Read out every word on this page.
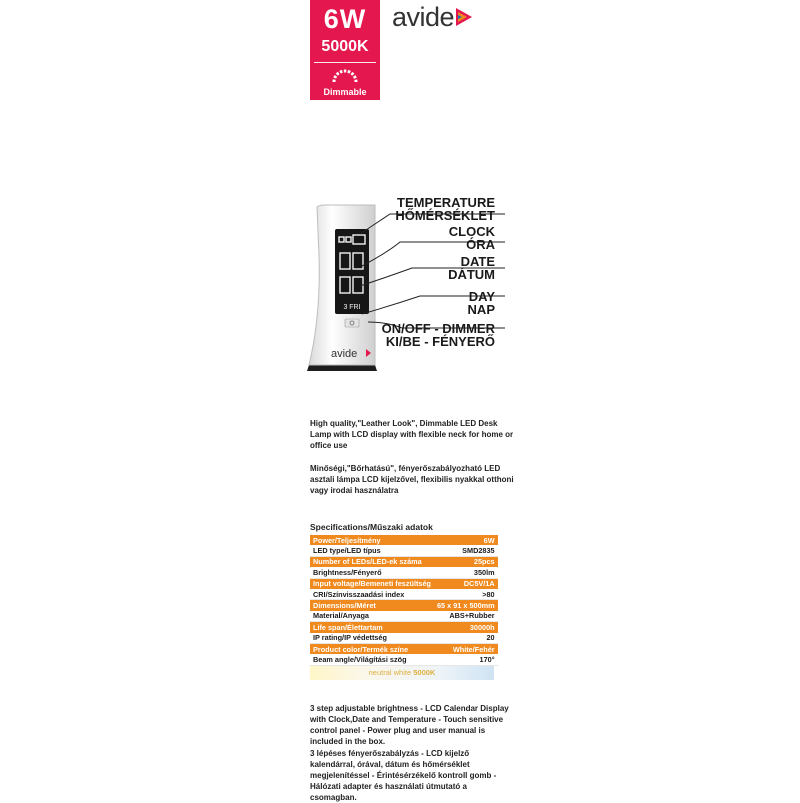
6W
5000K
Dimmable
avide
3 FRI
avide
TEMPERATURE
HŐMÉRSÉKLET
CLOCK
ÓRA
DATE
DÁTUM
DAY
NAP
ON/OFF - DIMMER
KI/BE - FÉNYERŐ
High quality,"Leather Look", Dimmable LED Desk Lamp with LCD display with flexible neck for home or office use
Minőségi,"Bőrhatású", fényerőszabályozható LED asztali lámpa LCD kijelzővel, flexibilis nyakkal otthoni vagy irodai használatra
Specifications/Műszaki adatok
Power/Teljesítmény	6W
LED type/LED típus	SMD2835
Number of LEDs/LED-ek száma	25pcs
Brightness/Fényerő	350lm
Input voltage/Bemeneti feszültség	DC5V/1A
CRI/Színvisszaadási index	>80
Dimensions/Méret	65 x 91 x 500mm
Material/Anyaga	ABS+Rubber
Life span/Élettartam	30000h
IP rating/IP védettség	20
Product color/Termék színe	White/Fehér
Beam angle/Világítási szög	170°
neutral white 5000K
3 step adjustable brightness - LCD Calendar Display with Clock,Date and Temperature - Touch sensitive control panel - Power plug and user manual is included in the box.
3 lépéses fényerőszabályzás - LCD kijelző kalendárral, órával, dátum és hőmérséklet megjelenítéssel - Érintésérzékelő kontroll gomb - Hálózati adapter és használati útmutató a csomagban.
